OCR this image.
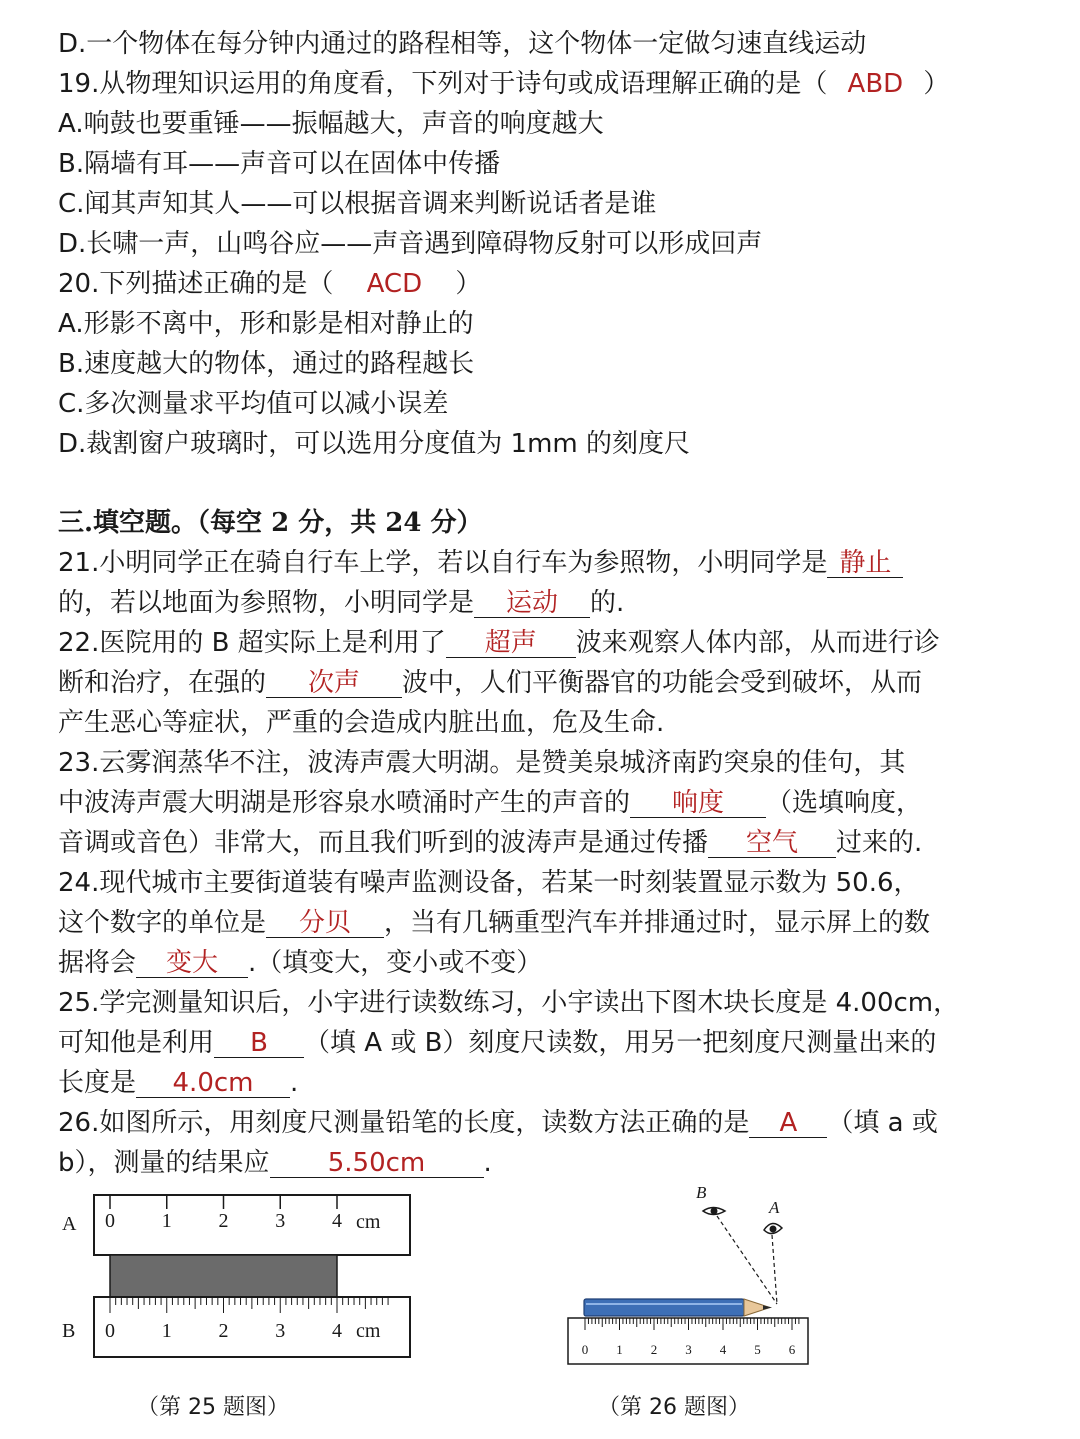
D.一个物体在每分钟内通过的路程相等，这个物体一定做匀速直线运动
19.从物理知识运用的角度看，下列对于诗句或成语理解正确的是（ ABD ）
A.响鼓也要重锤——振幅越大，声音的响度越大
B.隔墙有耳——声音可以在固体中传播
C.闻其声知其人——可以根据音调来判断说话者是谁
D.长啸一声，山鸣谷应——声音遇到障碍物反射可以形成回声
20.下列描述正确的是（ ACD ）
A.形影不离中，形和影是相对静止的
B.速度越大的物体，通过的路程越长
C.多次测量求平均值可以减小误差
D.裁割窗户玻璃时，可以选用分度值为 1mm 的刻度尺
三.填空题。（每空 2 分，共 24 分）
21.小明同学正在骑自行车上学，若以自行车为参照物，小明同学是 静止
的，若以地面为参照物，小明同学是 运动 的.
22.医院用的 B 超实际上是利用了 超声 波来观察人体内部，从而进行诊
断和治疗，在强的 次声 波中，人们平衡器官的功能会受到破坏，从而
产生恶心等症状，严重的会造成内脏出血，危及生命.
23.云雾润蒸华不注，波涛声震大明湖。是赞美泉城济南趵突泉的佳句，其
中波涛声震大明湖是形容泉水喷涌时产生的声音的 响度 （选填响度，
音调或音色）非常大，而且我们听到的波涛声是通过传播 空气 过来的.
24.现代城市主要街道装有噪声监测设备，若某一时刻装置显示数为 50.6，
这个数字的单位是 分贝 ，当有几辆重型汽车并排通过时，显示屏上的数
据将会 变大 .（填变大，变小或不变）
25.学完测量知识后，小宇进行读数练习，小宇读出下图木块长度是 4.00cm，
可知他是利用 B （填 A 或 B）刻度尺读数，用另一把刻度尺测量出来的
长度是 4.0cm .
26.如图所示，用刻度尺测量铅笔的长度，读数方法正确的是 A （填 a 或
b），测量的结果应 5.50cm .
A 0 1 2 3 4 cm
B 0 1 2 3 4 cm
B
A
0 1 2 3 4 5 6
（第 25 题图）	（第 26 题图）
